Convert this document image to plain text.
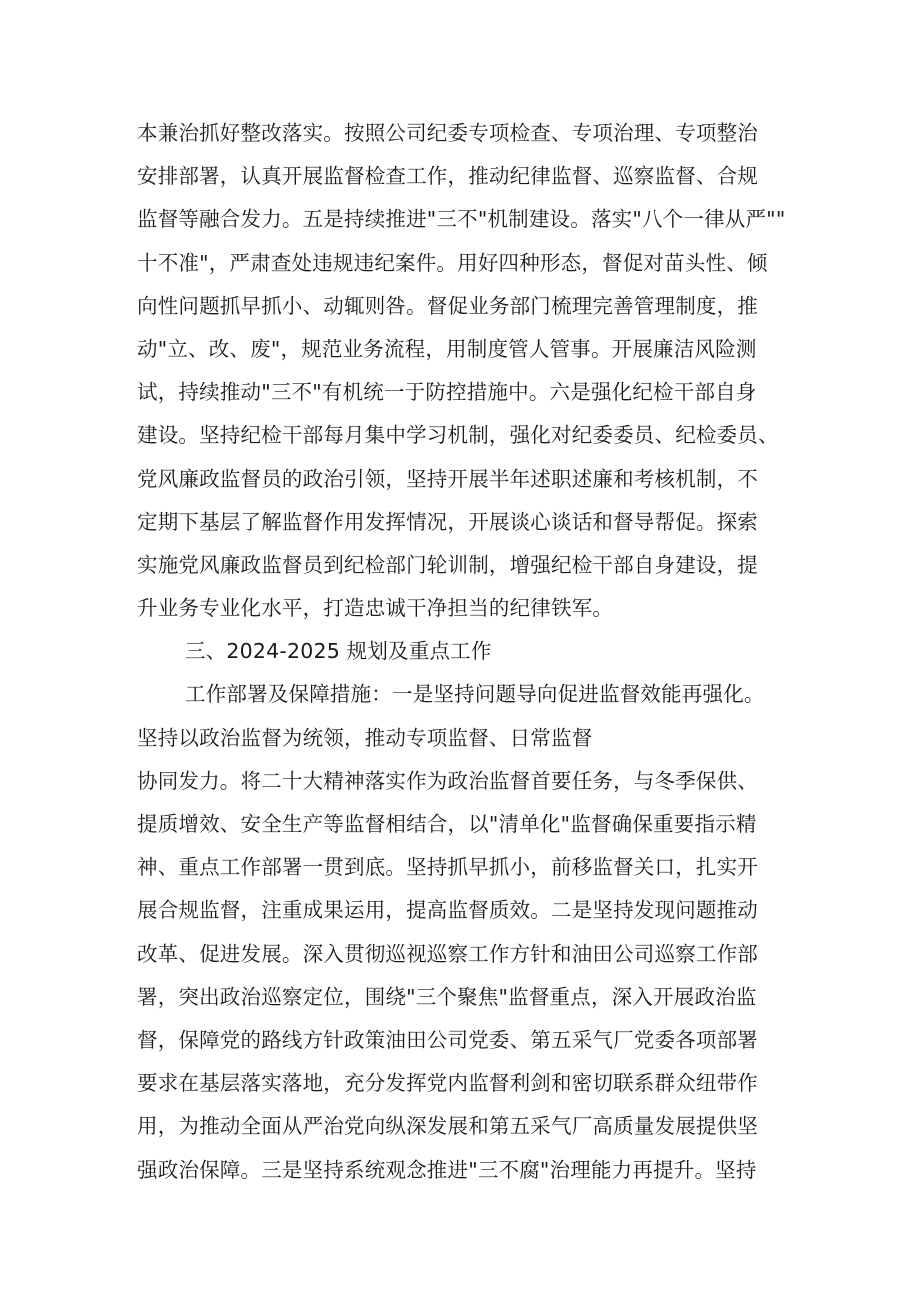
本兼治抓好整改落实。按照公司纪委专项检查、专项治理、专项整治
安排部署，认真开展监督检查工作，推动纪律监督、巡察监督、合规
监督等融合发力。五是持续推进"三不"机制建设。落实"八个一律从严""
十不准"，严肃查处违规违纪案件。用好四种形态，督促对苗头性、倾
向性问题抓早抓小、动辄则咎。督促业务部门梳理完善管理制度，推
动"立、改、废"，规范业务流程，用制度管人管事。开展廉洁风险测
试，持续推动"三不"有机统一于防控措施中。六是强化纪检干部自身
建设。坚持纪检干部每月集中学习机制，强化对纪委委员、纪检委员、
党风廉政监督员的政治引领，坚持开展半年述职述廉和考核机制，不
定期下基层了解监督作用发挥情况，开展谈心谈话和督导帮促。探索
实施党风廉政监督员到纪检部门轮训制，增强纪检干部自身建设，提
升业务专业化水平，打造忠诚干净担当的纪律铁军。
三、2024-2025 规划及重点工作
工作部署及保障措施：一是坚持问题导向促进监督效能再强化。
坚持以政治监督为统领，推动专项监督、日常监督
协同发力。将二十大精神落实作为政治监督首要任务，与冬季保供、
提质增效、安全生产等监督相结合，以"清单化"监督确保重要指示精
神、重点工作部署一贯到底。坚持抓早抓小，前移监督关口，扎实开
展合规监督，注重成果运用，提高监督质效。二是坚持发现问题推动
改革、促进发展。深入贯彻巡视巡察工作方针和油田公司巡察工作部
署，突出政治巡察定位，围绕"三个聚焦"监督重点，深入开展政治监
督，保障党的路线方针政策油田公司党委、第五采气厂党委各项部署
要求在基层落实落地，充分发挥党内监督利剑和密切联系群众纽带作
用，为推动全面从严治党向纵深发展和第五采气厂高质量发展提供坚
强政治保障。三是坚持系统观念推进"三不腐"治理能力再提升。坚持
